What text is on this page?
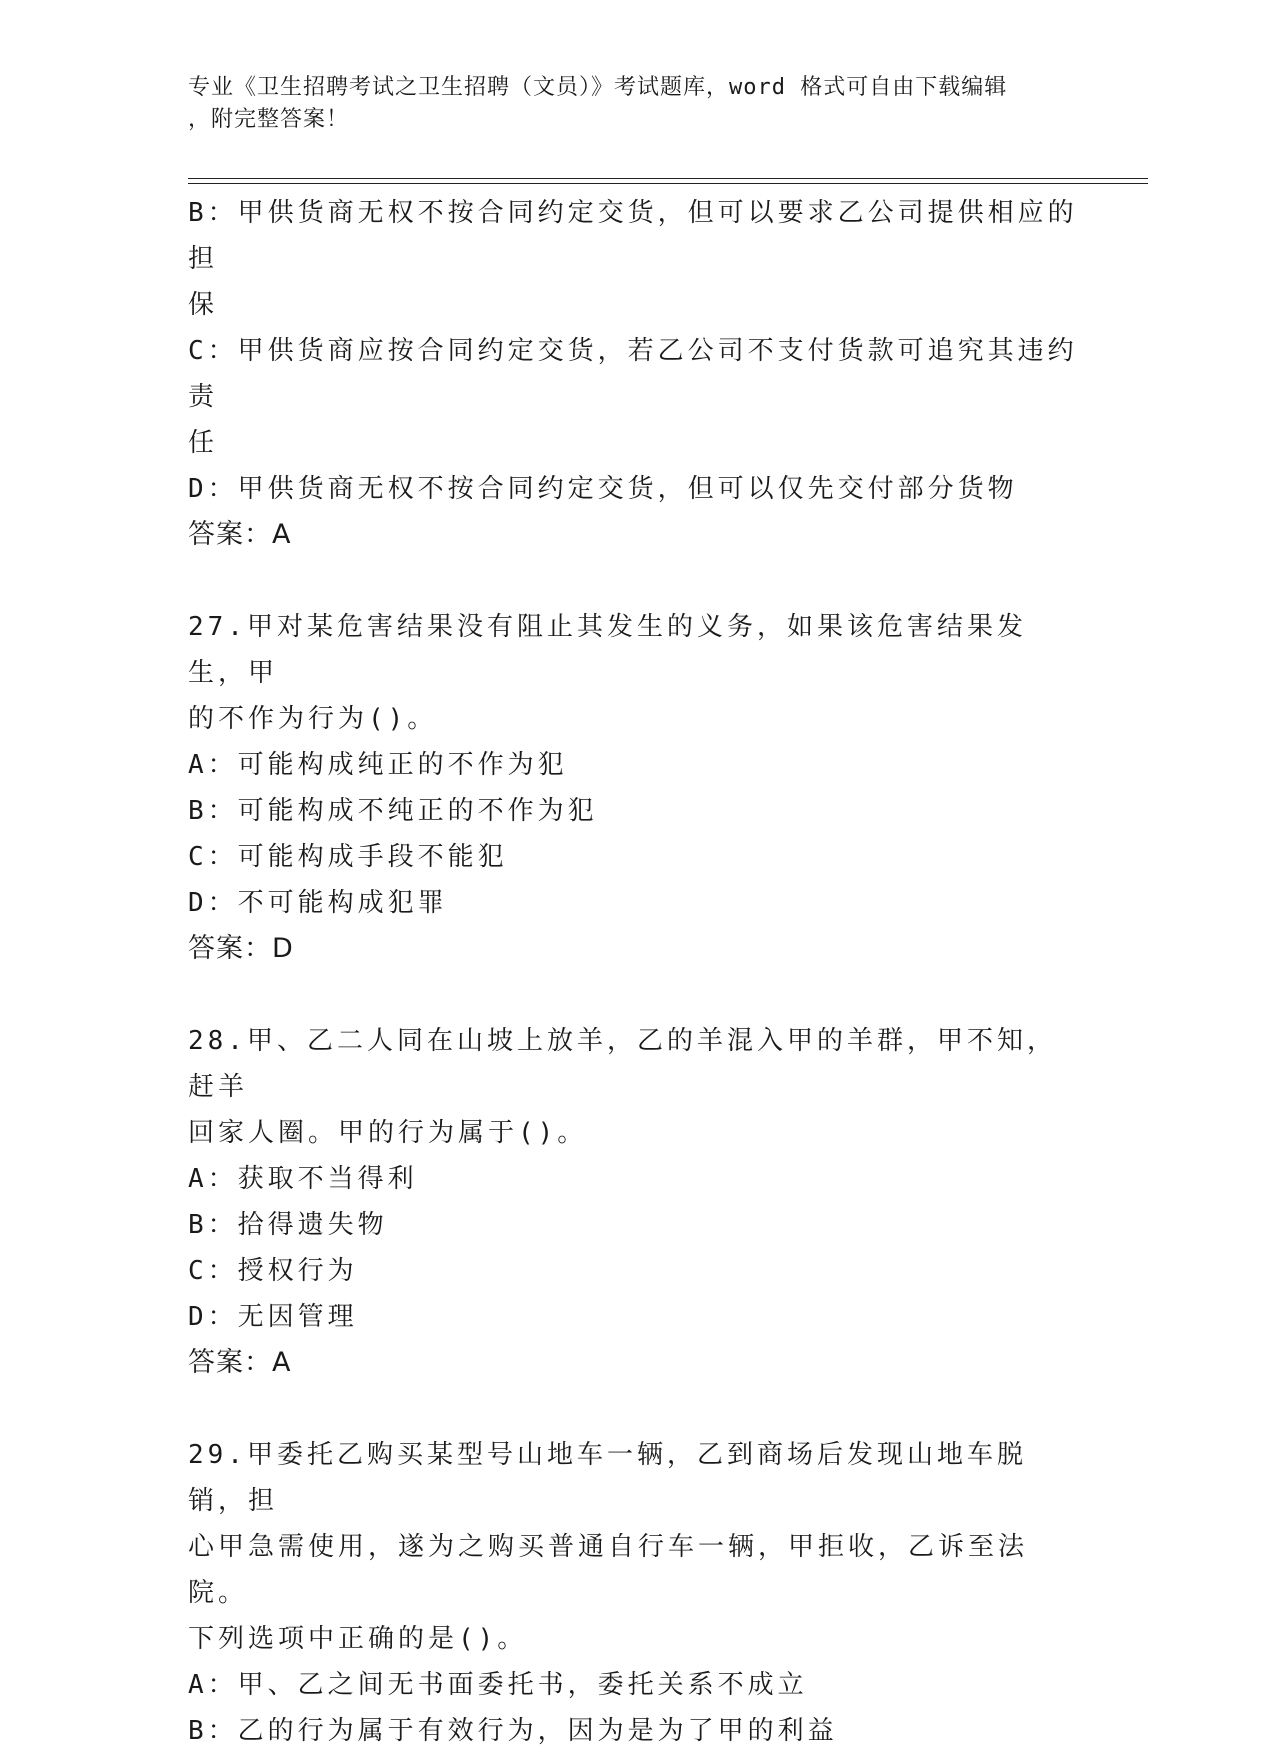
专业《卫生招聘考试之卫生招聘（文员）》考试题库，word 格式可自由下载编辑
，附完整答案！
B：甲供货商无权不按合同约定交货，但可以要求乙公司提供相应的担
保
C：甲供货商应按合同约定交货，若乙公司不支付货款可追究其违约责
任
D：甲供货商无权不按合同约定交货，但可以仅先交付部分货物
答案：A
27.甲对某危害结果没有阻止其发生的义务，如果该危害结果发生，甲
的不作为行为()。
A：可能构成纯正的不作为犯
B：可能构成不纯正的不作为犯
C：可能构成手段不能犯
D：不可能构成犯罪
答案：D
28.甲、乙二人同在山坡上放羊，乙的羊混入甲的羊群，甲不知，赶羊
回家人圈。甲的行为属于()。
A：获取不当得利
B：拾得遗失物
C：授权行为
D：无因管理
答案：A
29.甲委托乙购买某型号山地车一辆，乙到商场后发现山地车脱销，担
心甲急需使用，遂为之购买普通自行车一辆，甲拒收，乙诉至法院。
下列选项中正确的是()。
A：甲、乙之间无书面委托书，委托关系不成立
B：乙的行为属于有效行为，因为是为了甲的利益
